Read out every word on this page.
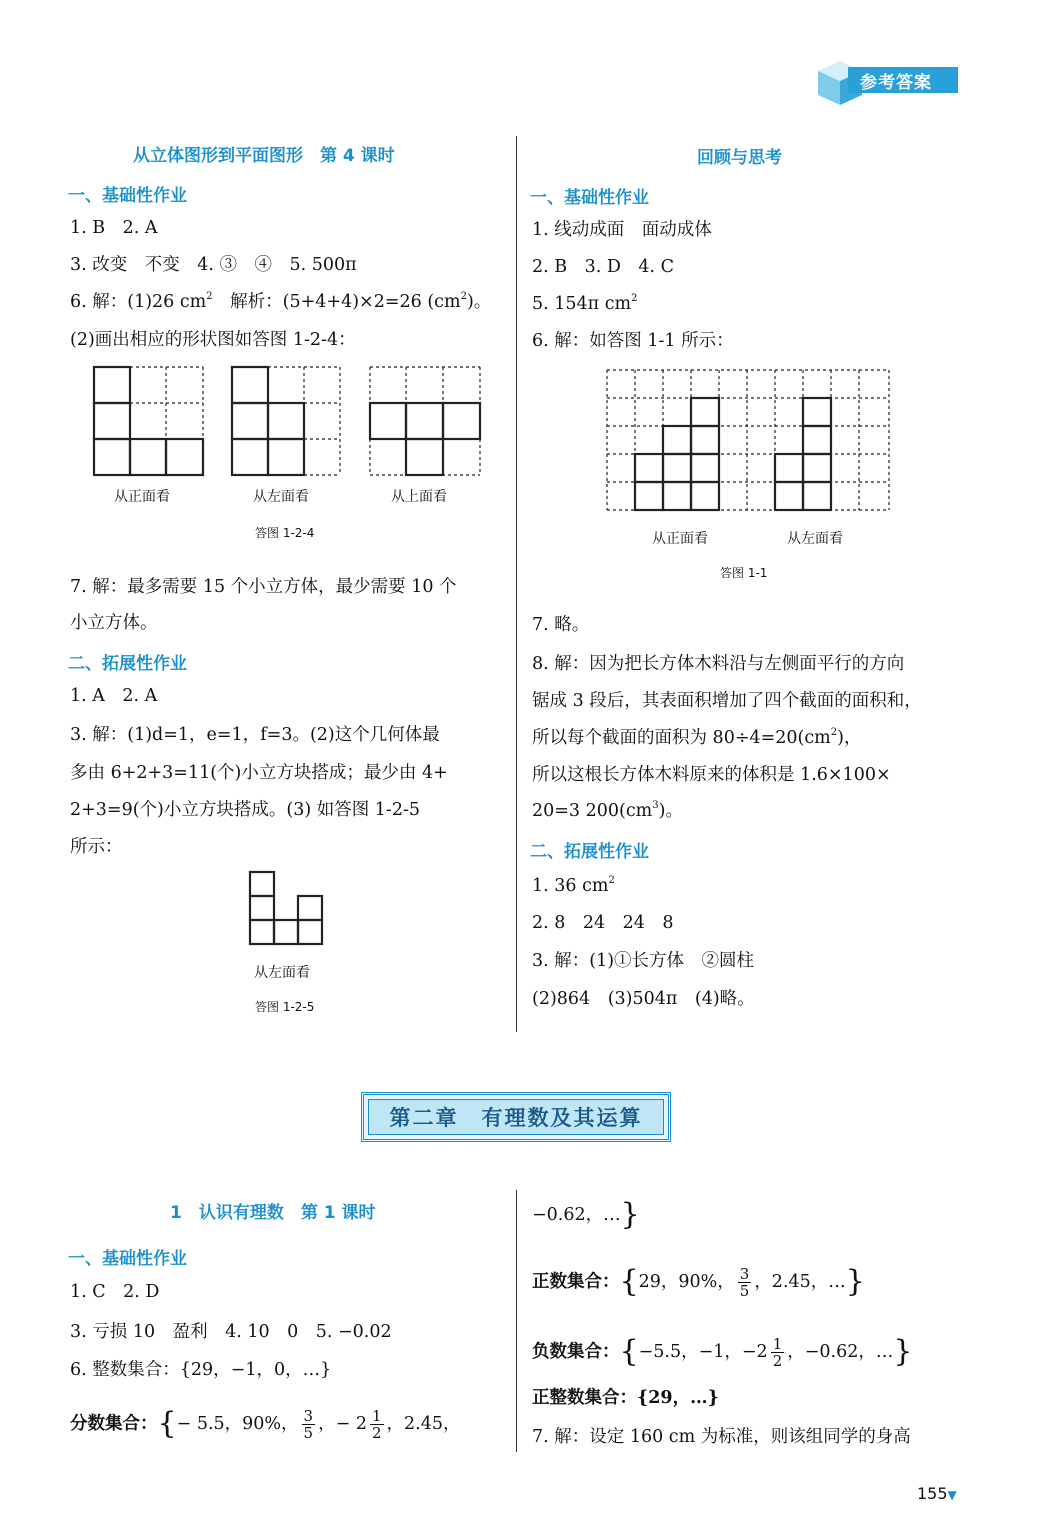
参考答案
从立体图形到平面图形　第 4 课时
一、基础性作业
1. B　2. A
3. 改变　不变　4. ③　④　5. 500π
6. 解：(1)26 $cm^2$　解析：(5+4+4)×2=26 $(cm^2)$。
(2)画出相应的形状图如答图 1-2-4：
从正面看	从左面看	从上面看
答图 1-2-4
7. 解：最多需要 15 个小立方体，最少需要 10 个
小立方体。
二、拓展性作业
1. A　2. A
3. 解：(1)d=1，e=1，f=3。(2)这个几何体最
多由 6+2+3=11(个)小立方块搭成；最少由 4+
2+3=9(个)小立方块搭成。(3) 如答图 1-2-5
所示：
从左面看
答图 1-2-5
回顾与思考
一、基础性作业
1. 线动成面　面动成体
2. B　3. D　4. C
5. 154π $cm^2$
6. 解：如答图 1-1 所示：
从正面看	从左面看
答图 1-1
7. 略。
8. 解：因为把长方体木料沿与左侧面平行的方向
锯成 3 段后，其表面积增加了四个截面的面积和，
所以每个截面的面积为 $80\div 4=20(cm^2)$，
所以这根长方体木料原来的体积是 1.6×100×
20=3 $200(cm^3)$。
二、拓展性作业
1. 36 $cm^2$
2. 8　24　24　8
3. 解：(1)①长方体　②圆柱
(2)864　(3)504π　(4)略。
第二章　有理数及其运算
1　认识有理数　第 1 课时
一、基础性作业
1. C　2. D
3. 亏损 10　盈利　4. 10　0　5. −0.02
6. 整数集合：{29，−1，0，…}
分数集合：{− 5.5，90%， $\frac{3}{5}$ ，− $2 \frac{1}{2}$ ，2.45，
−0.62，…}
正数集合：{29，90%， $\frac{3}{5}$ ，2.45，…}
负数集合：{−5.5，−1，$-2 \frac{1}{2}$ ，−0.62，…}
正整数集合：{29，…}
7. 解：设定 160 cm 为标准，则该组同学的身高
155▼
